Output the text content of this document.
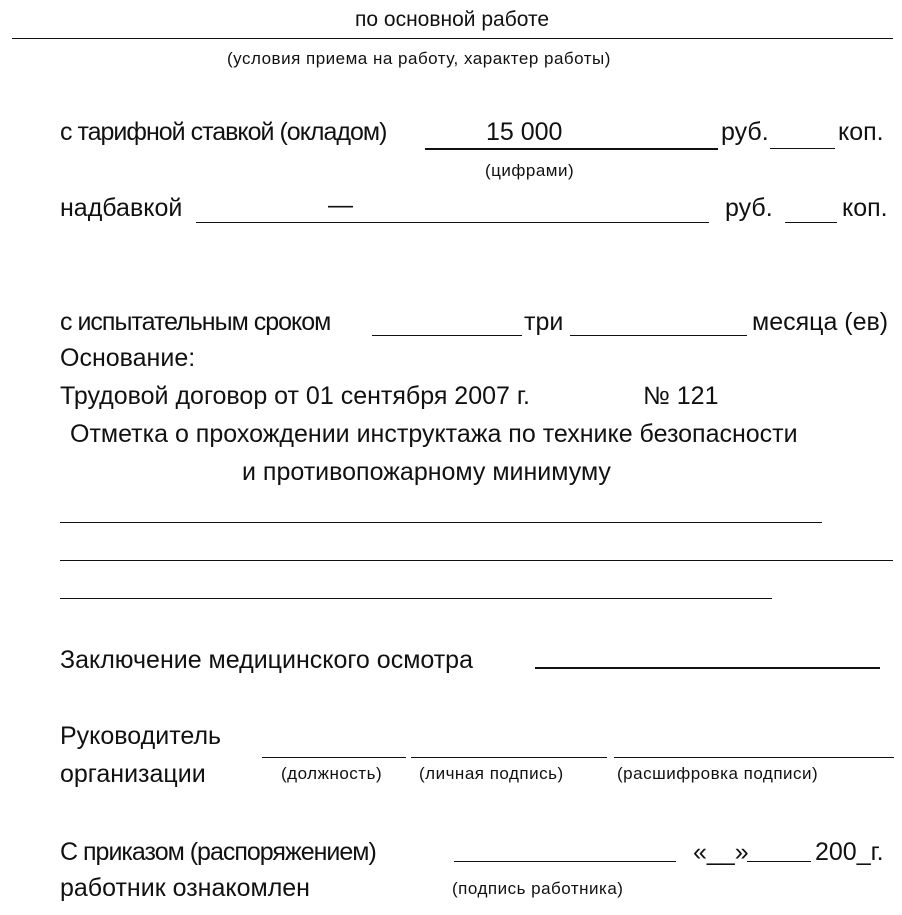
по основной работе
(условия приема на работу, характер работы)
с тарифной ставкой (окладом)	15 000	руб.	коп.
(цифрами)
надбавкой	—	руб.	коп.
с испытательным сроком	три	месяца (ев)
Основание:
Трудовой договор от 01 сентября 2007 г.	№ 121
Отметка о прохождении инструктажа по технике безопасности
и противопожарному минимуму
Заключение медицинского осмотра
Руководитель
организации	(должность) (личная подпись)	(расшифровка подписи)
С приказом (распоряжением)	«__»	200_г.
работник ознакомлен	(подпись работника)
